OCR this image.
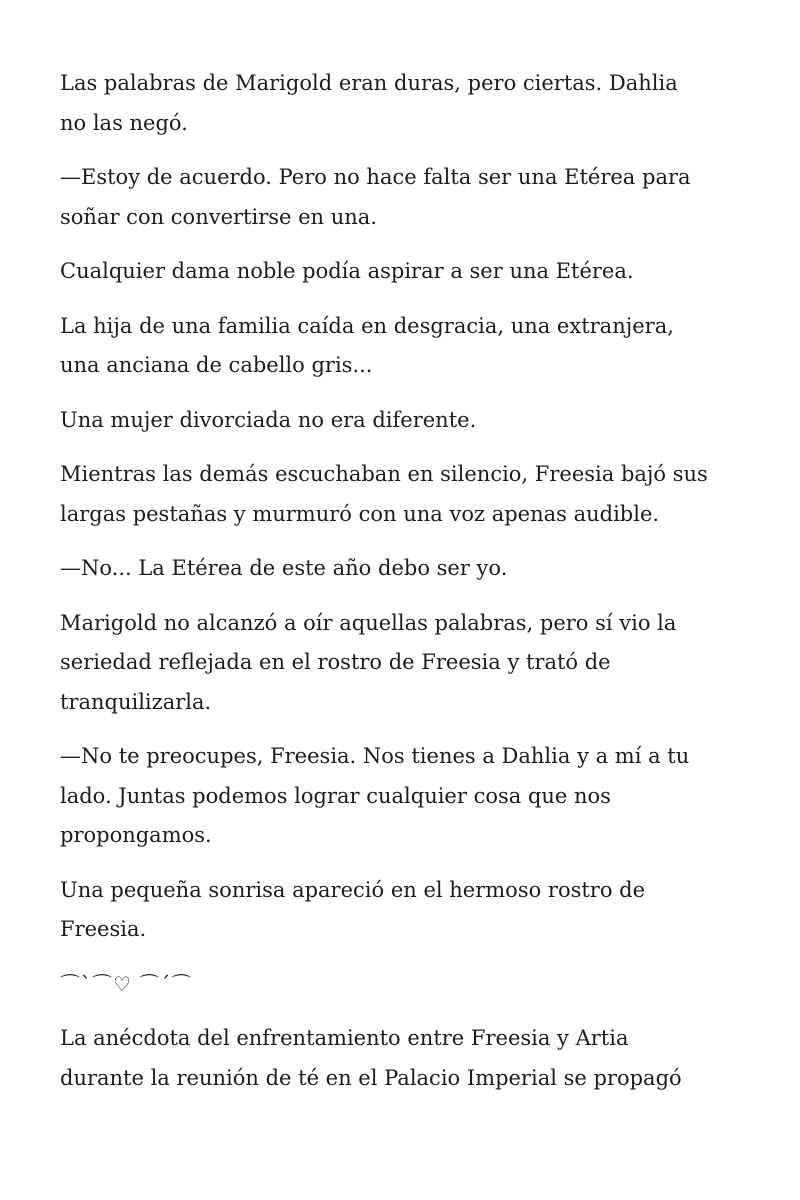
Las palabras de Marigold eran duras, pero ciertas. Dahlia
no las negó.

—Estoy de acuerdo. Pero no hace falta ser una Etérea para
soñar con convertirse en una.

Cualquier dama noble podía aspirar a ser una Etérea.

La hija de una familia caída en desgracia, una extranjera,
una anciana de cabello gris...

Una mujer divorciada no era diferente.

Mientras las demás escuchaban en silencio, Freesia bajó sus
largas pestañas y murmuró con una voz apenas audible.

—No... La Etérea de este año debo ser yo.

Marigold no alcanzó a oír aquellas palabras, pero sí vio la
seriedad reflejada en el rostro de Freesia y trató de
tranquilizarla.

—No te preocupes, Freesia. Nos tienes a Dahlia y a mí a tu
lado. Juntas podemos lograr cualquier cosa que nos
propongamos.

Una pequeña sonrisa apareció en el hermoso rostro de
Freesia.

⌒`⌒♡ ⌒´⌒

La anécdota del enfrentamiento entre Freesia y Artia
durante la reunión de té en el Palacio Imperial se propagó
